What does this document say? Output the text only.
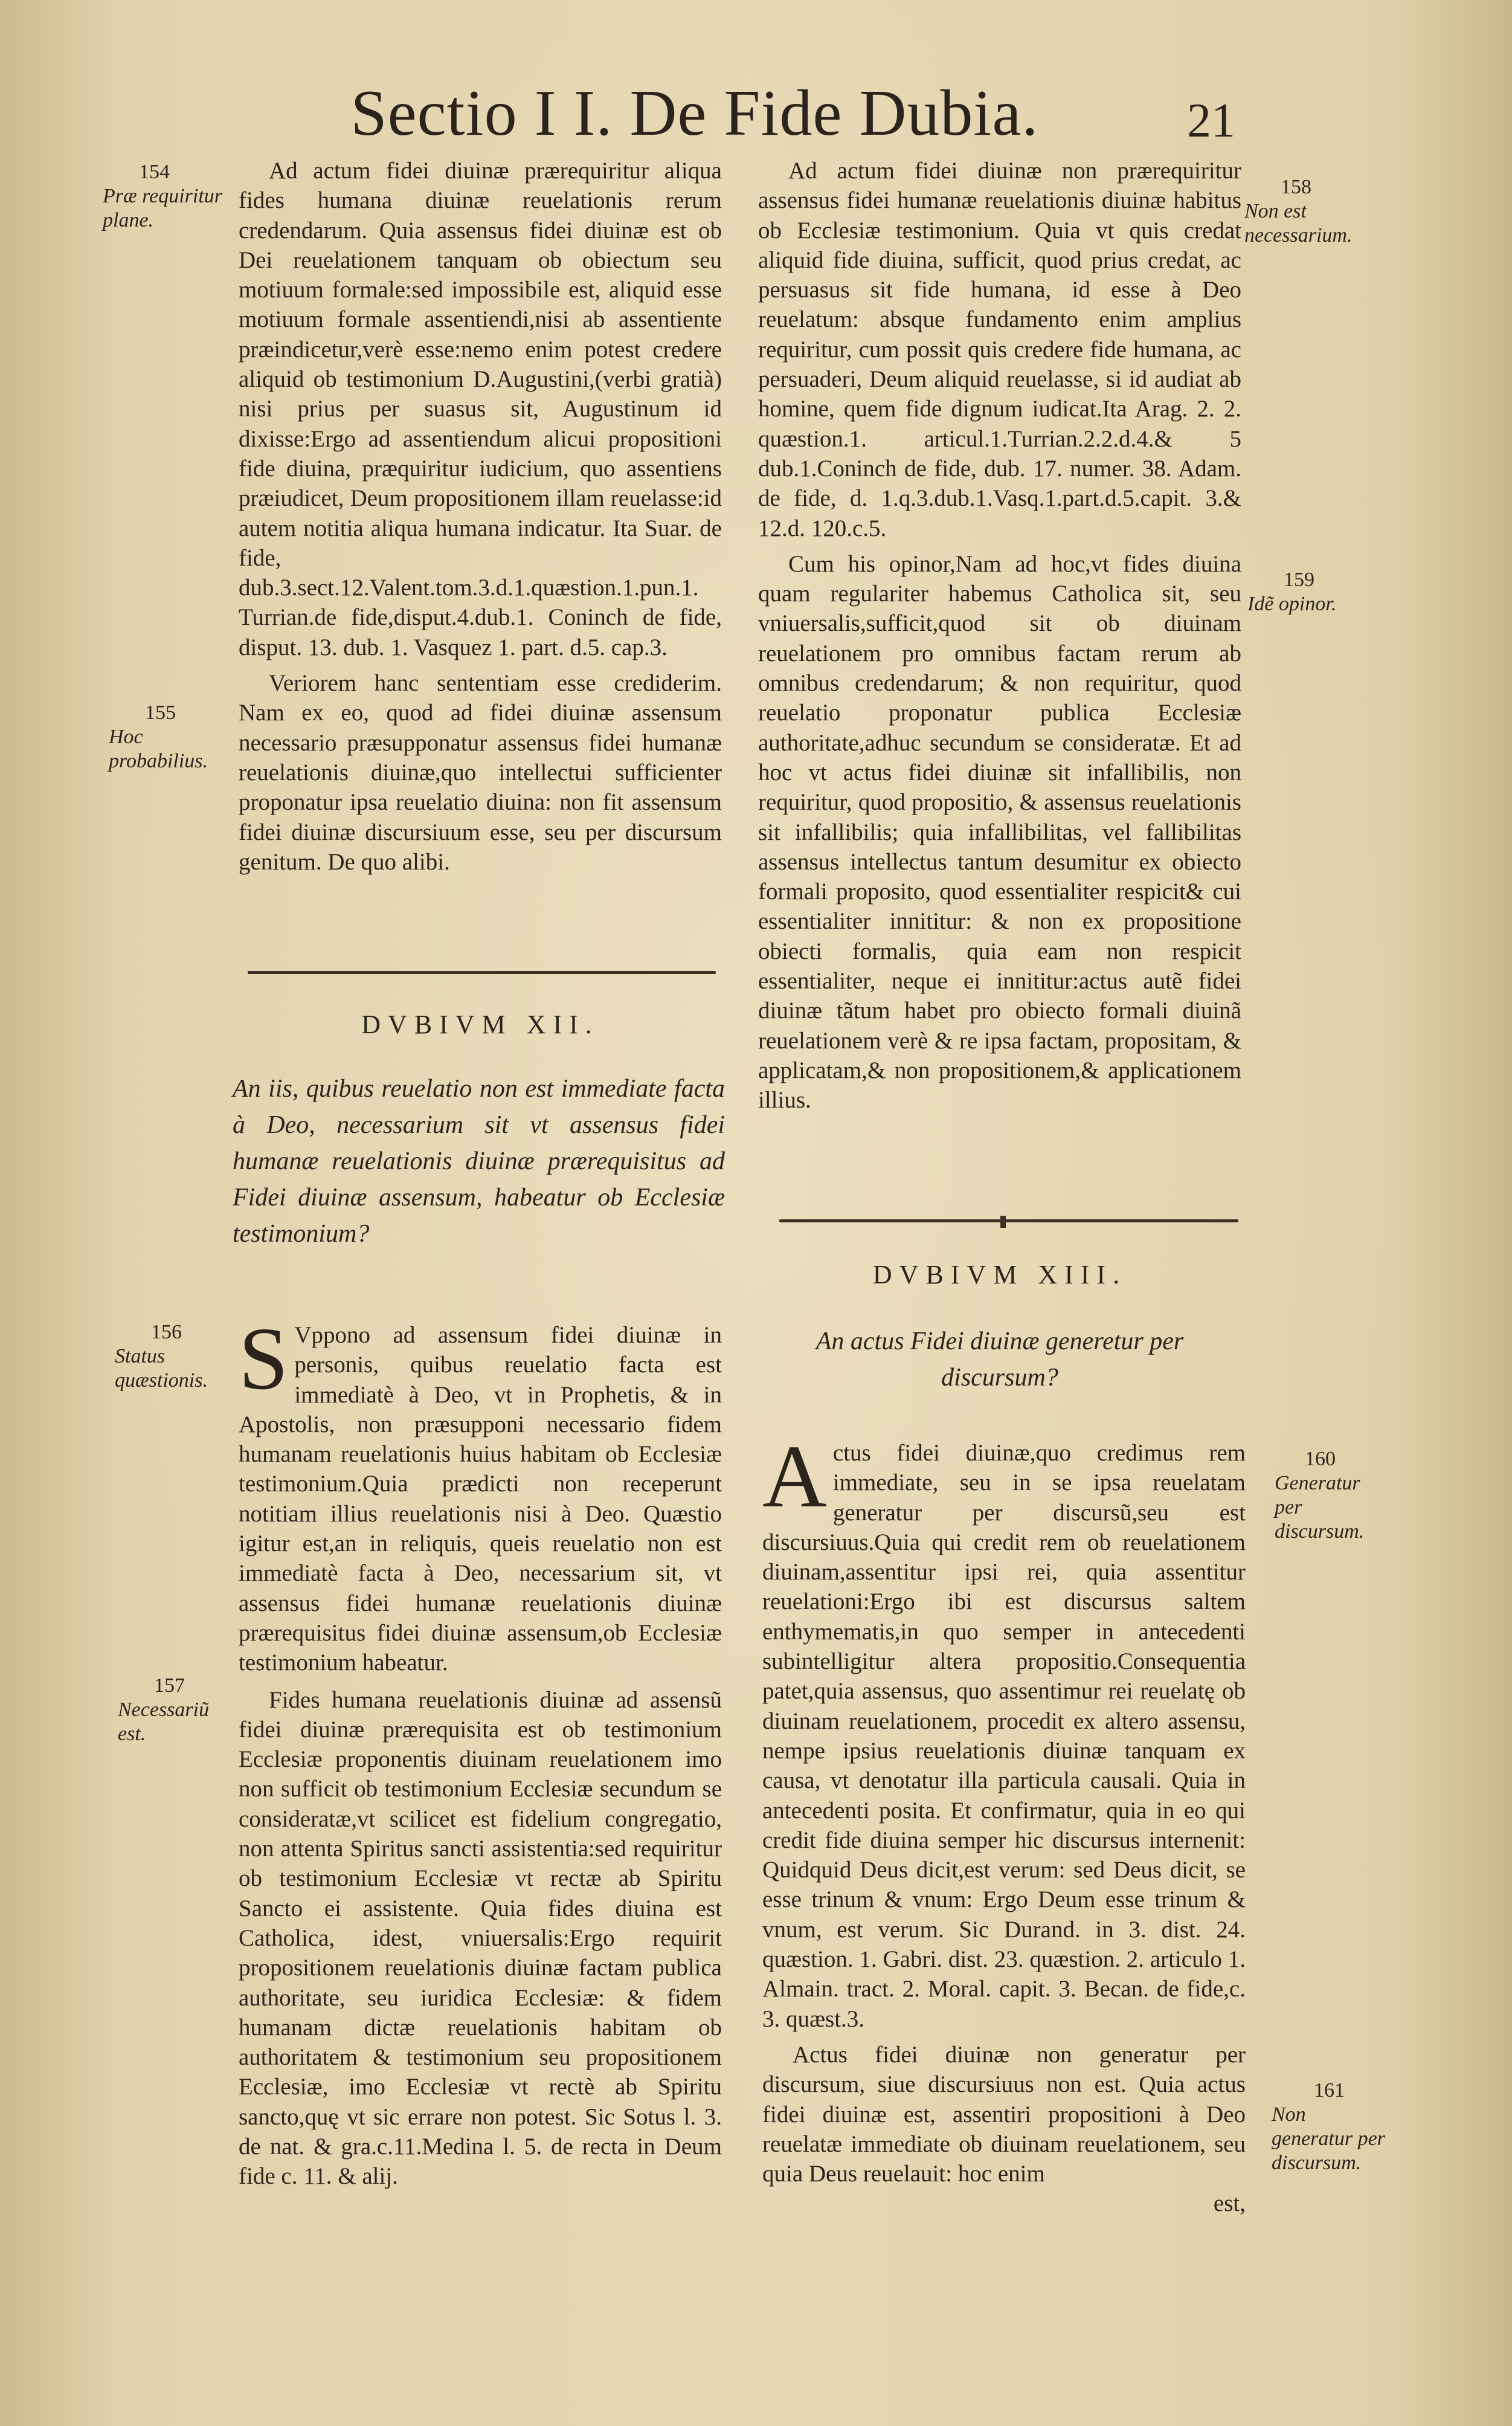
Sectio I I. De Fide Dubia.	21

Ad actum fidei diuinæ prærequiritur aliqua fides humana diuinæ reuelationis rerum credendarum. Quia assensus fidei diuinæ est ob Dei reuelationem tanquam ob obiectum seu motiuum formale:sed impossibile est, aliquid esse motiuum formale assentiendi,nisi ab assentiente præindicetur,verè esse:nemo enim potest credere aliquid ob testimonium D.Augustini,(verbi gratià) nisi prius per suasus sit, Augustinum id dixisse:Ergo ad assentiendum alicui propositioni fide diuina, præquiritur iudicium, quo assentiens præiudicet, Deum propositionem illam reuelasse:id autem notitia aliqua humana indicatur. Ita Suar. de fide, dub.3.sect.12.Valent.tom.3.d.1.quæstion.1.pun.1. Turrian.de fide,disput.4.dub.1. Coninch de fide, disput. 13. dub. 1. Vasquez 1. part. d.5. cap.3.

Veriorem hanc sententiam esse crediderim. Nam ex eo, quod ad fidei diuinæ assensum necessario præsupponatur assensus fidei humanæ reuelationis diuinæ,quo intellectui sufficienter proponatur ipsa reuelatio diuina: non fit assensum fidei diuinæ discursiuum esse, seu per discursum genitum. De quo alibi.

DVBIVM XII.
An iis, quibus reuelatio non est immediate facta à Deo, necessarium sit vt assensus fidei humanæ reuelationis diuinæ prærequisitus ad Fidei diuinæ assensum, habeatur ob Ecclesiæ testimonium?

SVppono ad assensum fidei diuinæ in personis, quibus reuelatio facta est immediatè à Deo, vt in Prophetis, & in Apostolis, non præsupponi necessario fidem humanam reuelationis huius habitam ob Ecclesiæ testimonium.Quia prædicti non receperunt notitiam illius reuelationis nisi à Deo. Quæstio igitur est,an in reliquis, queis reuelatio non est immediatè facta à Deo, necessarium sit, vt assensus fidei humanæ reuelationis diuinæ prærequisitus fidei diuinæ assensum,ob Ecclesiæ testimonium habeatur.

Fides humana reuelationis diuinæ ad assensũ fidei diuinæ prærequisita est ob testimonium Ecclesiæ proponentis diuinam reuelationem imo non sufficit ob testimonium Ecclesiæ secundum se consideratæ,vt scilicet est fidelium congregatio, non attenta Spiritus sancti assistentia:sed requiritur ob testimonium Ecclesiæ vt rectæ ab Spiritu Sancto ei assistente. Quia fides diuina est Catholica, idest, vniuersalis:Ergo requirit propositionem reuelationis diuinæ factam publica authoritate, seu iuridica Ecclesiæ: & fidem humanam dictæ reuelationis habitam ob authoritatem & testimonium seu propositionem Ecclesiæ, imo Ecclesiæ vt rectè ab Spiritu sancto,quę vt sic errare non potest. Sic Sotus l. 3. de nat. & gra.c.11.Medina l. 5. de recta in Deum fide c. 11. & alij.

Ad actum fidei diuinæ non prærequiritur assensus fidei humanæ reuelationis diuinæ habitus ob Ecclesiæ testimonium. Quia vt quis credat aliquid fide diuina, sufficit, quod prius credat, ac persuasus sit fide humana, id esse à Deo reuelatum: absque fundamento enim amplius requiritur, cum possit quis credere fide humana, ac persuaderi, Deum aliquid reuelasse, si id audiat ab homine, quem fide dignum iudicat.Ita Arag. 2. 2. quæstion.1. articul.1.Turrian.2.2.d.4.& 5 dub.1.Coninch de fide, dub. 17. numer. 38. Adam. de fide, d. 1.q.3.dub.1.Vasq.1.part.d.5.capit. 3.& 12.d. 120.c.5.

Cum his opinor,Nam ad hoc,vt fides diuina quam regulariter habemus Catholica sit, seu vniuersalis,sufficit,quod sit ob diuinam reuelationem pro omnibus factam rerum ab omnibus credendarum; & non requiritur, quod reuelatio proponatur publica Ecclesiæ authoritate,adhuc secundum se consideratæ. Et ad hoc vt actus fidei diuinæ sit infallibilis, non requiritur, quod propositio, & assensus reuelationis sit infallibilis; quia infallibilitas, vel fallibilitas assensus intellectus tantum desumitur ex obiecto formali proposito, quod essentialiter respicit& cui essentialiter innititur: & non ex propositione obiecti formalis, quia eam non respicit essentialiter, neque ei innititur:actus autẽ fidei diuinæ tãtum habet pro obiecto formali diuinã reuelationem verè & re ipsa factam, propositam, & applicatam,& non propositionem,& applicationem illius.

DVBIVM XIII.
An actus Fidei diuinæ generetur per discursum?

Actus fidei diuinæ,quo credimus rem immediate, seu in se ipsa reuelatam generatur per discursũ,seu est discursiuus.Quia qui credit rem ob reuelationem diuinam,assentitur ipsi rei, quia assentitur reuelationi:Ergo ibi est discursus saltem enthymematis,in quo semper in antecedenti subintelligitur altera propositio.Consequentia patet,quia assensus, quo assentimur rei reuelatę ob diuinam reuelationem, procedit ex altero assensu, nempe ipsius reuelationis diuinæ tanquam ex causa, vt denotatur illa particula causali. Quia in antecedenti posita. Et confirmatur, quia in eo qui credit fide diuina semper hic discursus internenit: Quidquid Deus dicit,est verum: sed Deus dicit, se esse trinum & vnum: Ergo Deum esse trinum & vnum, est verum. Sic Durand. in 3. dist. 24. quæstion. 1. Gabri. dist. 23. quæstion. 2. articulo 1. Almain. tract. 2. Moral. capit. 3. Becan. de fide,c. 3. quæst.3.

Actus fidei diuinæ non generatur per discursum, siue discursiuus non est. Quia actus fidei diuinæ est, assentiri propositioni à Deo reuelatæ immediate ob diuinam reuelationem, seu quia Deus reuelauit: hoc enim

est,

154
Præ requiritur plane.
155
Hoc probabilius.
156
Status quæstionis.
157
Necessariũ est.
158
Non est necessarium.
159
Idẽ opinor.
160
Generatur per discursum.
161
Non generatur per discursum.
